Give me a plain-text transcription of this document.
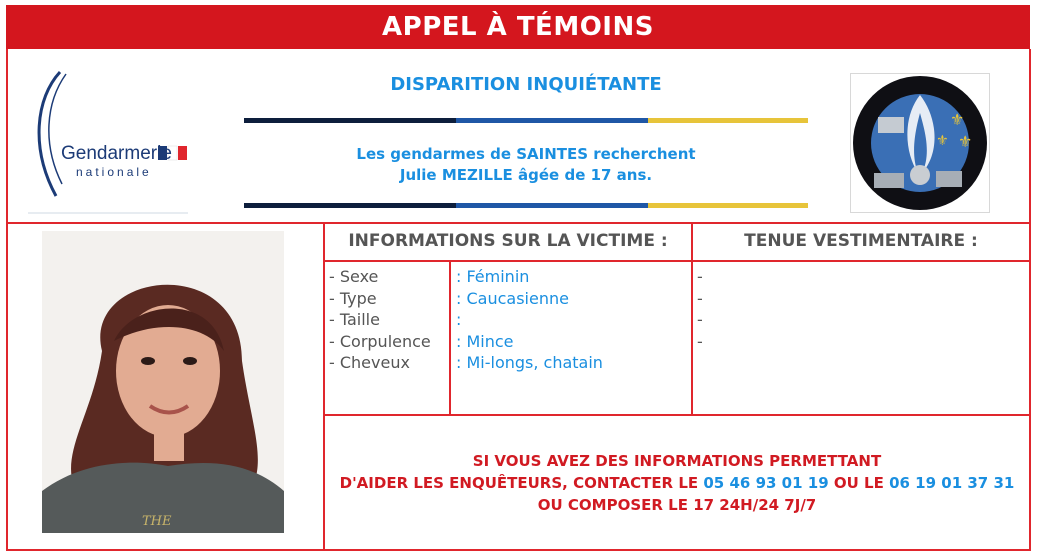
APPEL À TÉMOINS
Gendarmerie
nationale
DISPARITION INQUIÉTANTE
Les gendarmes de SAINTES recherchent
Julie MEZILLE âgée de 17 ans.
⚜
⚜
⚜
THE
INFORMATIONS SUR LA VICTIME :	TENUE VESTIMENTAIRE :
- Sexe
- Type
- Taille
- Corpulence
- Cheveux
: Féminin
: Caucasienne
:
: Mince
: Mi-longs, chatain
-
-
-
-
SI VOUS AVEZ DES INFORMATIONS PERMETTANT
D'AIDER LES ENQUÊTEURS, CONTACTER LE 05 46 93 01 19 OU LE 06 19 01 37 31
OU COMPOSER LE 17 24H/24 7J/7
